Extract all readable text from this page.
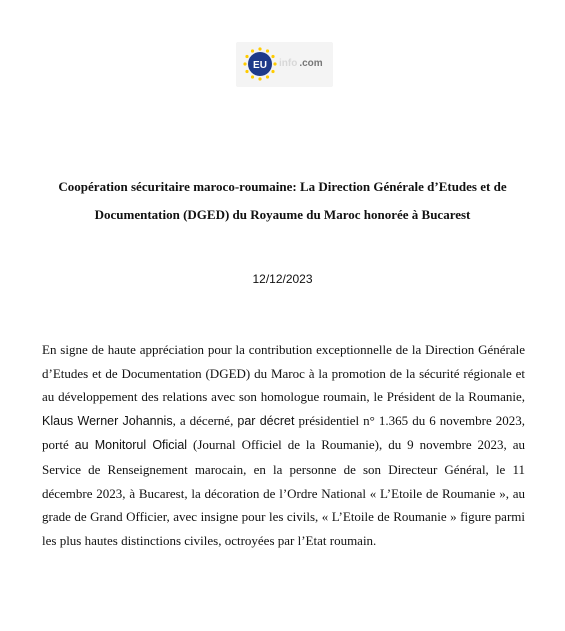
EU info .com
Coopération sécuritaire maroco-roumaine: La Direction Générale d’Etudes et de Documentation (DGED) du Royaume du Maroc honorée à Bucarest
12/12/2023

En signe de haute appréciation pour la contribution exceptionnelle de la Direction Générale d’Etudes et de Documentation (DGED) du Maroc à la promotion de la sécurité régionale et au développement des relations avec son homologue roumain, le Président de la Roumanie, Klaus Werner Johannis, a décerné, par décret présidentiel n° 1.365 du 6 novembre 2023, porté au Monitorul Oficial (Journal Officiel de la Roumanie), du 9 novembre 2023, au Service de Renseignement marocain, en la personne de son Directeur Général, le 11 décembre 2023, à Bucarest, la décoration de l’Ordre National « L’Etoile de Roumanie », au grade de Grand Officier, avec insigne pour les civils, « L’Etoile de Roumanie » figure parmi les plus hautes distinctions civiles, octroyées par l’Etat roumain.
